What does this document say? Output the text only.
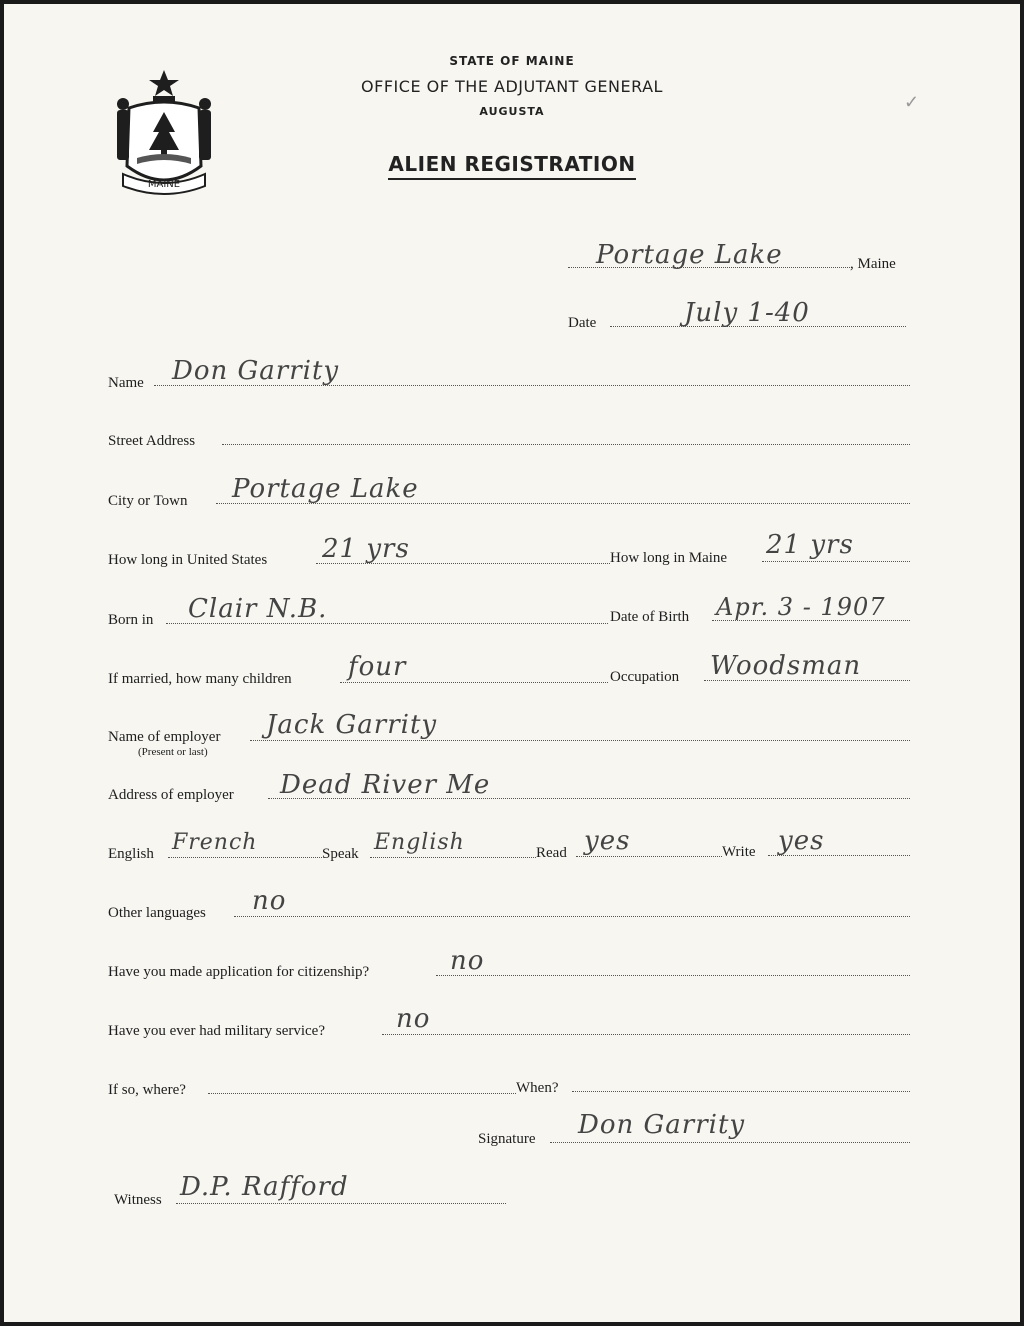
MAINE
STATE OF MAINE
OFFICE OF THE ADJUTANT GENERAL
AUGUSTA
ALIEN REGISTRATION
✓
Portage Lake	, Maine
Date	July 1-40
Name Don Garrity
Street Address
City or Town Portage Lake
How long in United States 21 yrs	How long in Maine 21 yrs
Born in Clair N.B.	Date of Birth Apr. 3 - 1907
If married, how many children four	Occupation Woodsman
Name of employer
(Present or last)
Jack Garrity
Address of employer Dead River Me
English French	Speak English	Read yes	Write yes
Other languages no
Have you made application for citizenship?	no
Have you ever had military service?	no
If so, where?	When?
Signature Don Garrity
Witness D.P. Rafford
